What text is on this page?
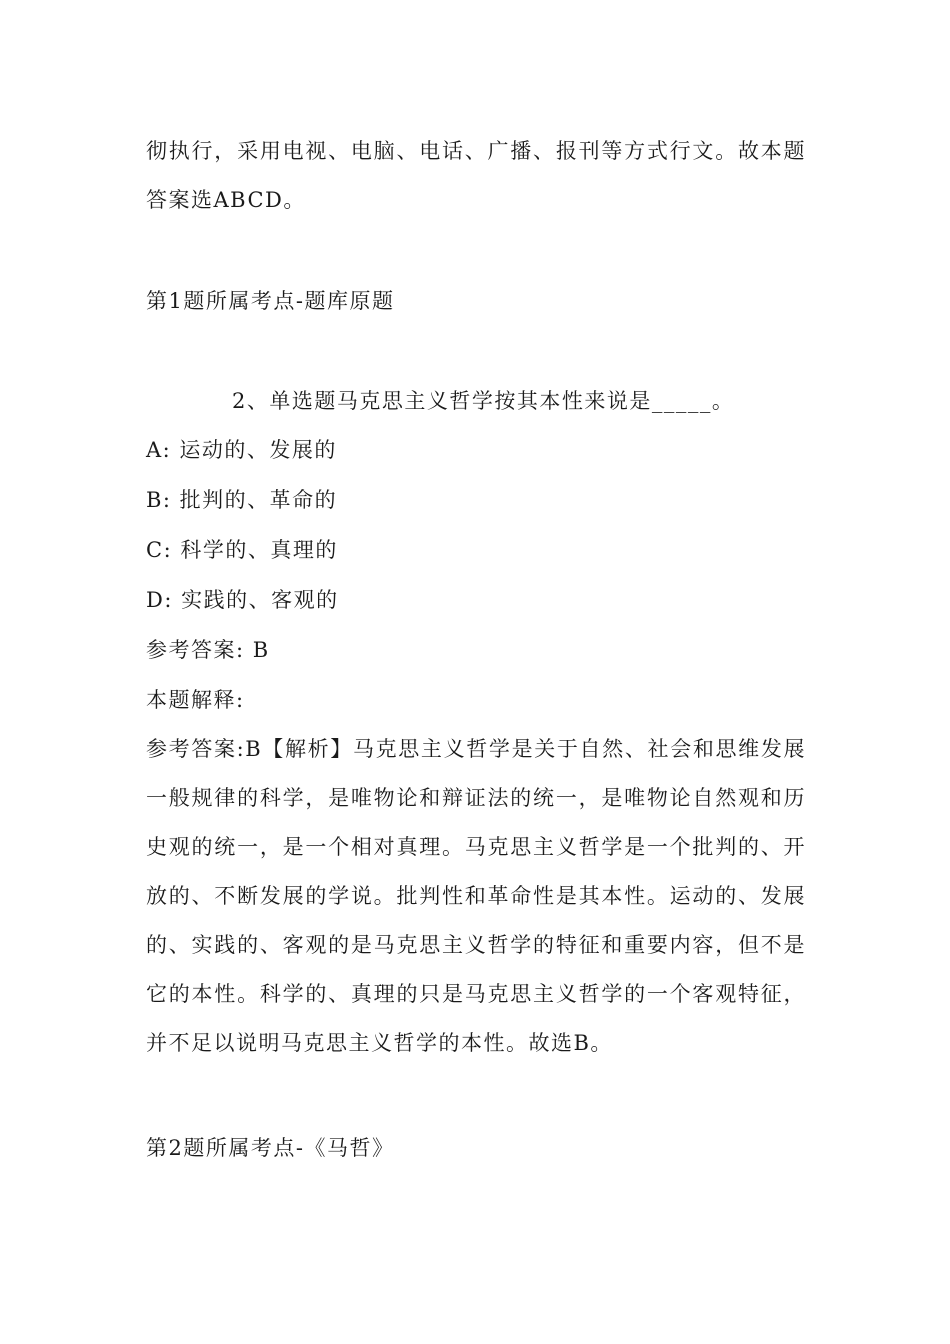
彻执行，采用电视、电脑、电话、广播、报刊等方式行文。故本题答案选ABCD。

第1题所属考点-题库原题
2、单选题马克思主义哲学按其本性来说是_____。
A: 运动的、发展的
B: 批判的、革命的
C: 科学的、真理的
D: 实践的、客观的
参考答案: B
本题解释:

参考答案:B【解析】马克思主义哲学是关于自然、社会和思维发展一般规律的科学，是唯物论和辩证法的统一，是唯物论自然观和历史观的统一，是一个相对真理。马克思主义哲学是一个批判的、开放的、不断发展的学说。批判性和革命性是其本性。运动的、发展的、实践的、客观的是马克思主义哲学的特征和重要内容，但不是它的本性。科学的、真理的只是马克思主义哲学的一个客观特征，并不足以说明马克思主义哲学的本性。故选B。

第2题所属考点-《马哲》
